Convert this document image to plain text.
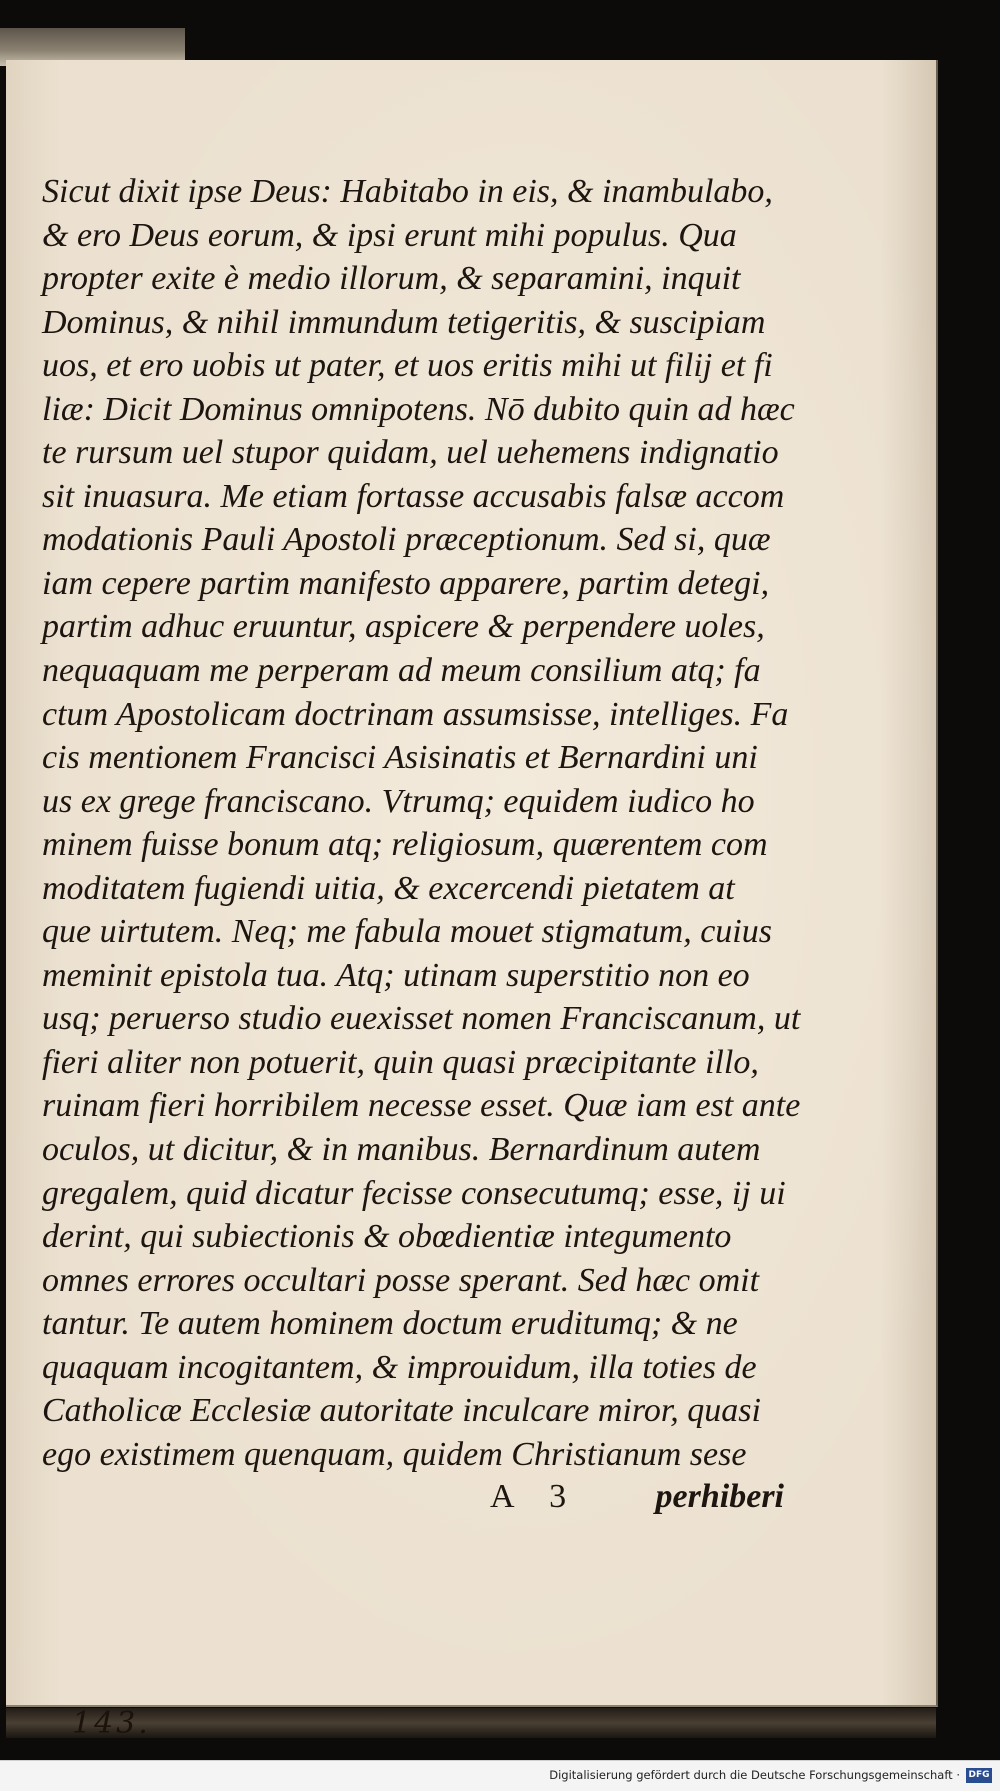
143.
Sicut dixit ipse Deus: Habitabo in eis, & inambulabo,
& ero Deus eorum, & ipsi erunt mihi populus. Qua
propter exite è medio illorum, & separamini, inquit
Dominus, & nihil immundum tetigeritis, & suscipiam
uos, et ero uobis ut pater, et uos eritis mihi ut filij et fi
liæ: Dicit Dominus omnipotens. Nō dubito quin ad hæc
te rursum uel stupor quidam, uel uehemens indignatio
sit inuasura. Me etiam fortasse accusabis falsæ accom
modationis Pauli Apostoli præceptionum. Sed si, quæ
iam cepere partim manifesto apparere, partim detegi,
partim adhuc eruuntur, aspicere & perpendere uoles,
nequaquam me perperam ad meum consilium atq; fa
ctum Apostolicam doctrinam assumsisse, intelliges. Fa
cis mentionem Francisci Asisinatis et Bernardini uni
us ex grege franciscano. Vtrumq; equidem iudico ho
minem fuisse bonum atq; religiosum, quærentem com
moditatem fugiendi uitia, & excercendi pietatem at
que uirtutem. Neq; me fabula mouet stigmatum, cuius
meminit epistola tua. Atq; utinam superstitio non eo
usq; peruerso studio euexisset nomen Franciscanum, ut
fieri aliter non potuerit, quin quasi præcipitante illo,
ruinam fieri horribilem necesse esset. Quæ iam est ante
oculos, ut dicitur, & in manibus. Bernardinum autem
gregalem, quid dicatur fecisse consecutumq; esse, ij ui
derint, qui subiectionis & obœdientiæ integumento
omnes errores occultari posse sperant. Sed hæc omit
tantur. Te autem hominem doctum eruditumq; & ne
quaquam incogitantem, & improuidum, illa toties de
Catholicæ Ecclesiæ autoritate inculcare miror, quasi
ego existimem quenquam, quidem Christianum sese
A 3 perhiberi
Digitalisierung gefördert durch die Deutsche Forschungsgemeinschaft · DFG
